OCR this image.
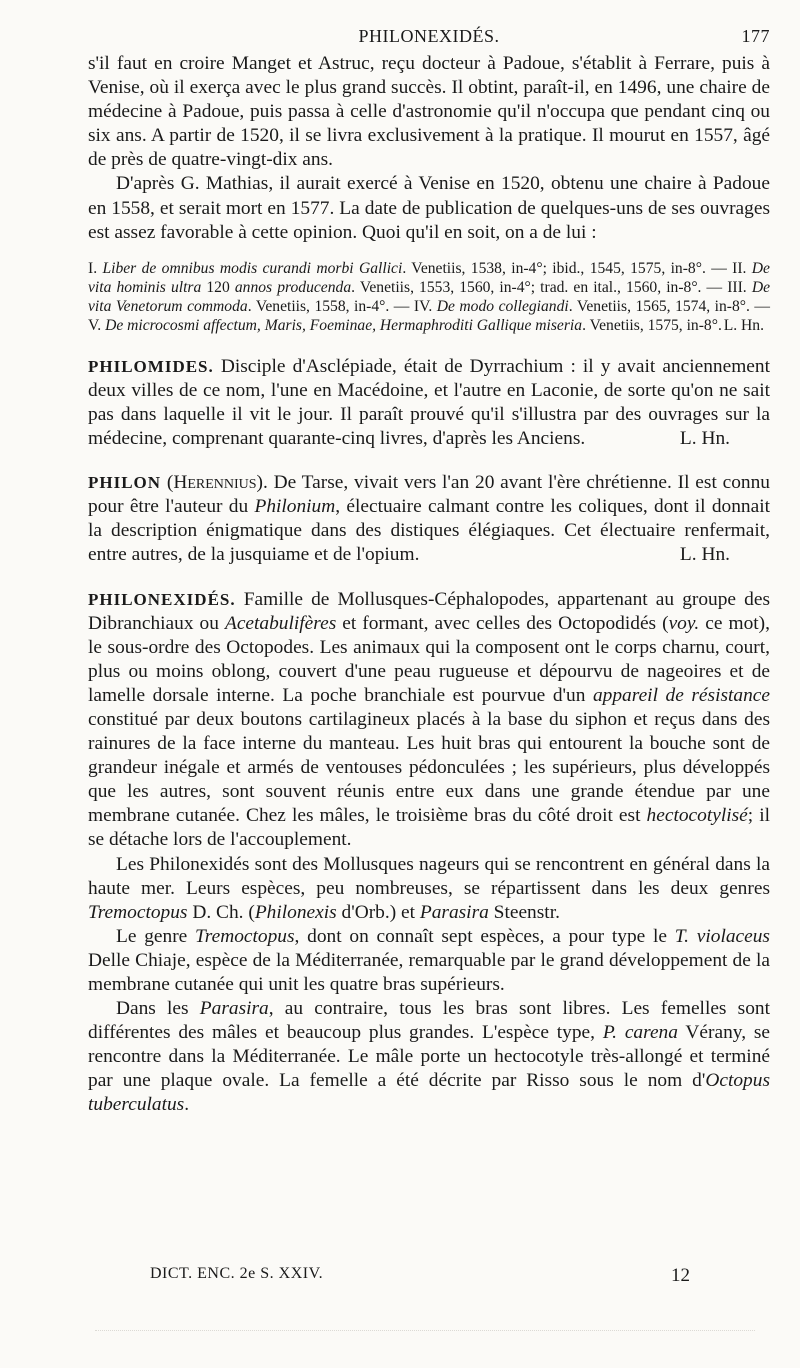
PHILONEXIDÉS.	177

s'il faut en croire Manget et Astruc, reçu docteur à Padoue, s'établit à Ferrare, puis à Venise, où il exerça avec le plus grand succès. Il obtint, paraît-il, en 1496, une chaire de médecine à Padoue, puis passa à celle d'astronomie qu'il n'occupa que pendant cinq ou six ans. A partir de 1520, il se livra exclusivement à la pratique. Il mourut en 1557, âgé de près de quatre-vingt-dix ans.

D'après G. Mathias, il aurait exercé à Venise en 1520, obtenu une chaire à Padoue en 1558, et serait mort en 1577. La date de publication de quelques-uns de ses ouvrages est assez favorable à cette opinion. Quoi qu'il en soit, on a de lui :

I. Liber de omnibus modis curandi morbi Gallici. Venetiis, 1538, in-4°; ibid., 1545, 1575, in-8°. — II. De vita hominis ultra 120 annos producenda. Venetiis, 1553, 1560, in-4°; trad. en ital., 1560, in-8°. — III. De vita Venetorum commoda. Venetiis, 1558, in-4°. — IV. De modo collegiandi. Venetiis, 1565, 1574, in-8°. — V. De microcosmi affectum, Maris, Foeminae, Hermaphroditi Gallique miseria. Venetiis, 1575, in-8°. L. Hn.

PHILOMIDES. Disciple d'Asclépiade, était de Dyrrachium : il y avait anciennement deux villes de ce nom, l'une en Macédoine, et l'autre en Laconie, de sorte qu'on ne sait pas dans laquelle il vit le jour. Il paraît prouvé qu'il s'illustra par des ouvrages sur la médecine, comprenant quarante-cinq livres, d'après les Anciens.	L. Hn.

PHILON (Herennius). De Tarse, vivait vers l'an 20 avant l'ère chrétienne. Il est connu pour être l'auteur du Philonium, électuaire calmant contre les coliques, dont il donnait la description énigmatique dans des distiques élégiaques. Cet électuaire renfermait, entre autres, de la jusquiame et de l'opium.	L. Hn.

PHILONEXIDÉS. Famille de Mollusques-Céphalopodes, appartenant au groupe des Dibranchiaux ou Acetabulifères et formant, avec celles des Octopodidés (voy. ce mot), le sous-ordre des Octopodes. Les animaux qui la composent ont le corps charnu, court, plus ou moins oblong, couvert d'une peau rugueuse et dépourvu de nageoires et de lamelle dorsale interne. La poche branchiale est pourvue d'un appareil de résistance constitué par deux boutons cartilagineux placés à la base du siphon et reçus dans des rainures de la face interne du manteau. Les huit bras qui entourent la bouche sont de grandeur inégale et armés de ventouses pédonculées ; les supérieurs, plus développés que les autres, sont souvent réunis entre eux dans une grande étendue par une membrane cutanée. Chez les mâles, le troisième bras du côté droit est hectocotylisé; il se détache lors de l'accouplement.

Les Philonexidés sont des Mollusques nageurs qui se rencontrent en général dans la haute mer. Leurs espèces, peu nombreuses, se répartissent dans les deux genres Tremoctopus D. Ch. (Philonexis d'Orb.) et Parasira Steenstr.

Le genre Tremoctopus, dont on connaît sept espèces, a pour type le T. violaceus Delle Chiaje, espèce de la Méditerranée, remarquable par le grand développement de la membrane cutanée qui unit les quatre bras supérieurs.

Dans les Parasira, au contraire, tous les bras sont libres. Les femelles sont différentes des mâles et beaucoup plus grandes. L'espèce type, P. carena Vérany, se rencontre dans la Méditerranée. Le mâle porte un hectocotyle très-allongé et terminé par une plaque ovale. La femelle a été décrite par Risso sous le nom d'Octopus tuberculatus.

DICT. ENC. 2e S. XXIV.	12
